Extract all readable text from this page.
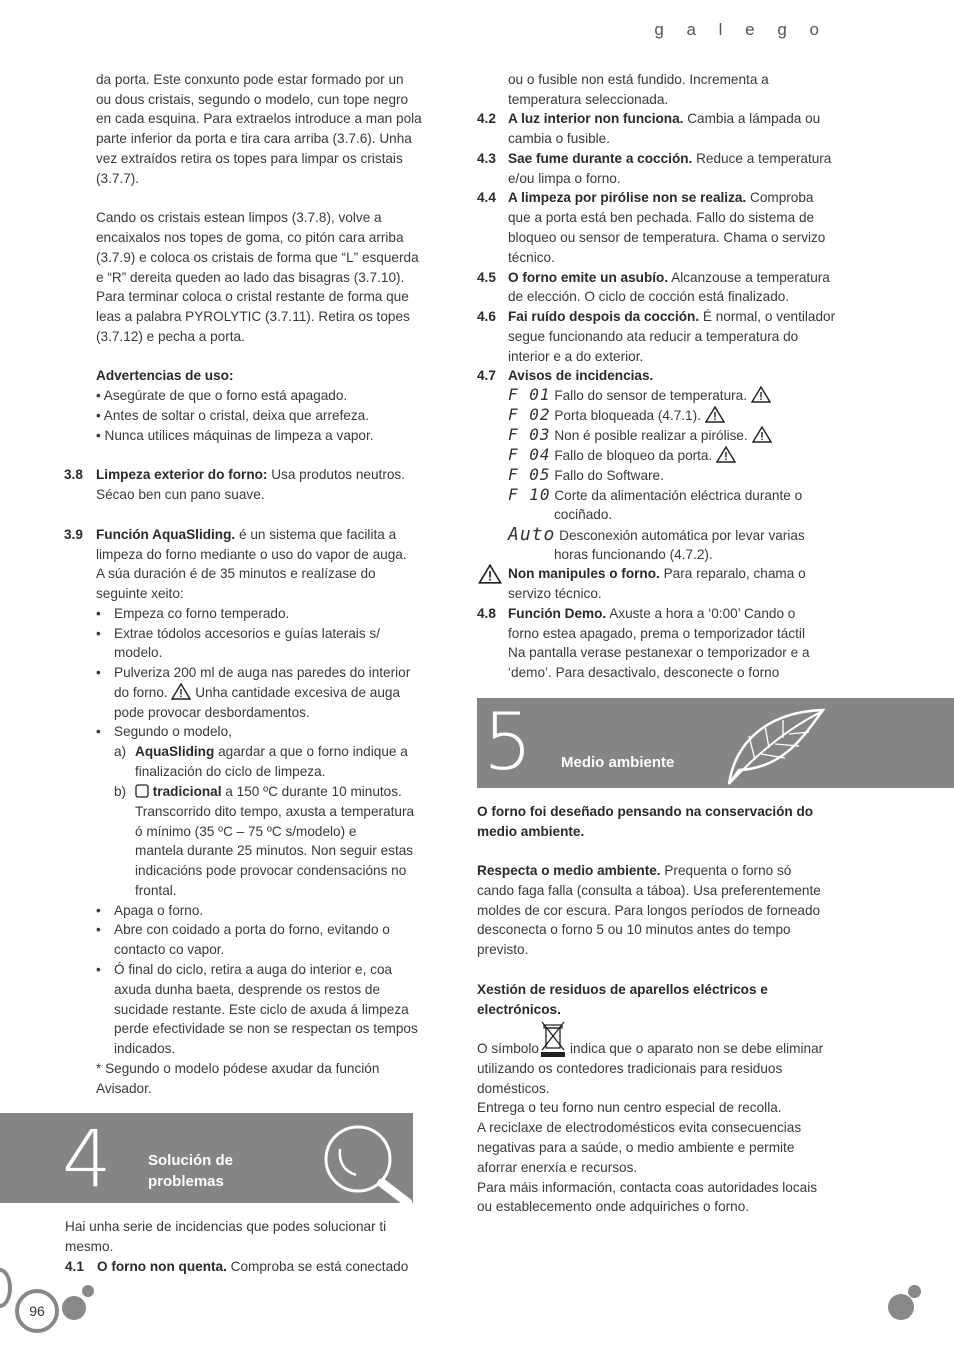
g a l e g o
da porta. Este conxunto pode estar formado por un
ou dous cristais, segundo o modelo, cun tope negro
en cada esquina. Para extraelos introduce a man pola
parte inferior da porta e tira cara arriba (3.7.6). Unha
vez extraídos retira os topes para limpar os cristais
(3.7.7).
Cando os cristais estean limpos (3.7.8), volve a
encaixalos nos topes de goma, co pitón cara arriba
(3.7.9) e coloca os cristais de forma que “L” esquerda
e “R” dereita queden ao lado das bisagras (3.7.10).
Para terminar coloca o cristal restante de forma que
leas a palabra PYROLYTIC (3.7.11). Retira os topes
(3.7.12) e pecha a porta.
Advertencias de uso:
• Asegúrate de que o forno está apagado.
• Antes de soltar o cristal, deixa que arrefeza.
• Nunca utilices máquinas de limpeza a vapor.
3.8 Limpeza exterior do forno: Usa produtos neutros.
Sécao ben cun pano suave.
3.9 Función AquaSliding. é un sistema que facilita a
limpeza do forno mediante o uso do vapor de auga.
A súa duración é de 35 minutos e realízase do
seguinte xeito:
• Empeza co forno temperado.
• Extrae tódolos accesorios e guías laterais s/
modelo.
• Pulveriza 200 ml de auga nas paredes do interior
do forno.  Unha cantidade excesiva de auga
pode provocar desbordamentos.
• Segundo o modelo,
a) AquaSliding agardar a que o forno indique a
finalización do ciclo de limpeza.
b)	tradicional a 150 ºC durante 10 minutos.
Transcorrido dito tempo, axusta a temperatura
ó mínimo (35 ºC – 75 ºC s/modelo) e
mantela durante 25 minutos. Non seguir estas
indicacións pode provocar condensacións no
frontal.
• Apaga o forno.
• Abre con coidado a porta do forno, evitando o
contacto co vapor.
• Ó final do ciclo, retira a auga do interior e, coa
axuda dunha baeta, desprende os restos de
sucidade restante. Este ciclo de axuda á limpeza
perde efectividade se non se respectan os tempos
indicados.
* Segundo o modelo pódese axudar da función
Avisador.
4 Solución de
problemas
Hai unha serie de incidencias que podes solucionar ti
mesmo.
4.1 O forno non quenta. Comproba se está conectado
ou o fusible non está fundido. Incrementa a
temperatura seleccionada.
4.2 A luz interior non funciona. Cambia a lámpada ou
cambia o fusible.
4.3 Sae fume durante a cocción. Reduce a temperatura
e/ou limpa o forno.
4.4 A limpeza por pirólise non se realiza. Comproba
que a porta está ben pechada. Fallo do sistema de
bloqueo ou sensor de temperatura. Chama o servizo
técnico.
4.5 O forno emite un asubío. Alcanzouse a temperatura
de elección. O ciclo de cocción está finalizado.
4.6 Fai ruído despois da cocción. É normal, o ventilador
segue funcionando ata reducir a temperatura do
interior e a do exterior.
4.7 Avisos de incidencias.
F 01 Fallo do sensor de temperatura.
F 02 Porta bloqueada (4.7.1).
F 03 Non é posible realizar a pirólise.
F 04 Fallo de bloqueo da porta.
F 05 Fallo do Software.
F 10 Corte da alimentación eléctrica durante o
cociñado.
Auto Desconexión automática por levar varias
horas funcionando (4.7.2).
Non manipules o forno. Para reparalo, chama o
servizo técnico.
4.8 Función Demo. Axuste a hora a ‘0:00’ Cando o
forno estea apagado, prema o temporizador táctil
Na pantalla verase pestanexar o temporizador e a
‘demo’. Para desactivalo, desconecte o forno
5 Medio ambiente
O forno foi deseñado pensando na conservación do
medio ambiente.
Respecta o medio ambiente. Prequenta o forno só
cando faga falla (consulta a tábоa). Usa preferentemente
moldes de cor escura. Para longos períodos de forneado
desconecta o forno 5 ou 10 minutos antes do tempo
previsto.
Xestión de residuos de aparellos eléctricos e
electrónicos.
O símbolo indica que o aparato non se debe eliminar
utilizando os contedores tradicionais para residuos
domésticos.
Entrega o teu forno nun centro especial de recolla.
A reciclaxe de electrodomésticos evita consecuencias
negativas para a saúde, o medio ambiente e permite
aforrar enerxía e recursos.
Para máis información, contacta coas autoridades locais
ou establecemento onde adquiriches o forno.
96
